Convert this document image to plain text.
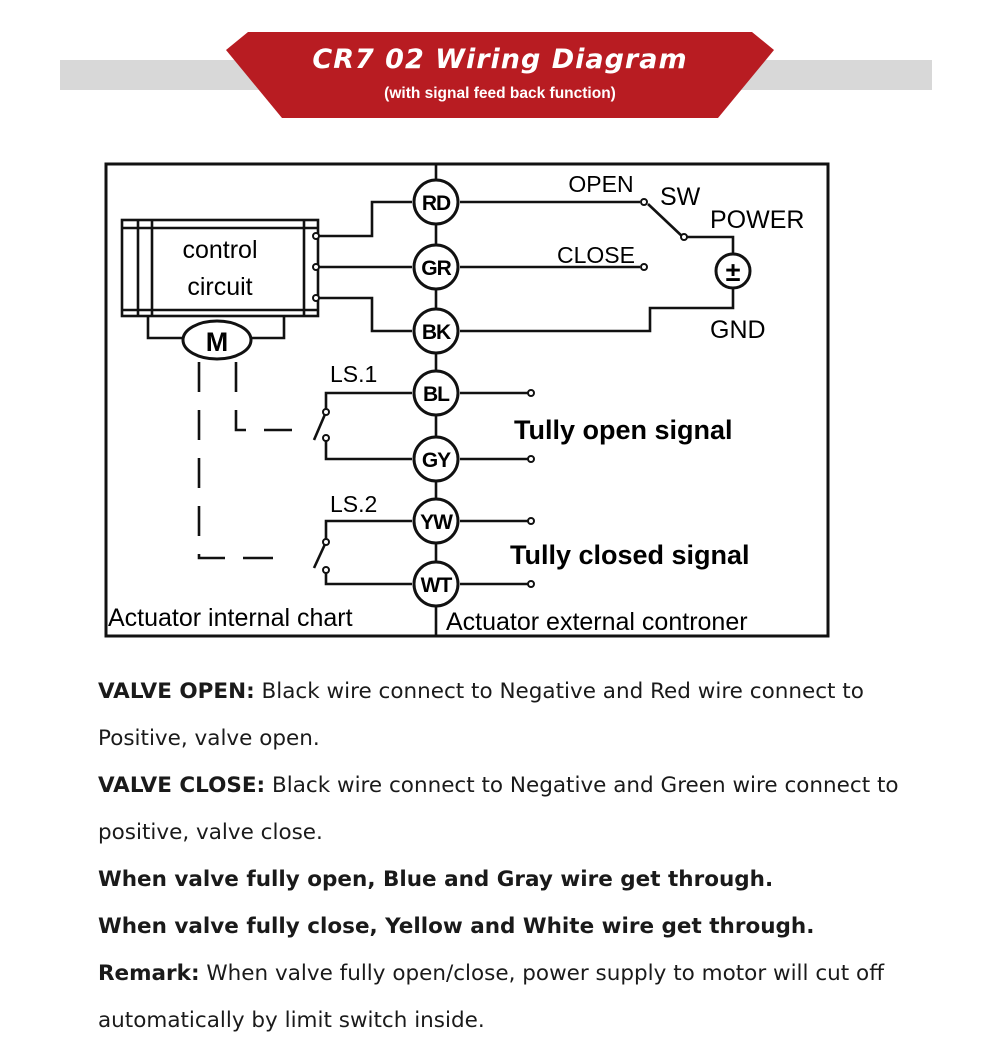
CR7 02 Wiring Diagram
(with signal feed back function)
control
circuit
M
±
OPEN
CLOSE
SW
POWER
GND
LS.1
LS.2
RD
GR
BK
BL
GY
YW
WT
Tully open signal
Tully closed signal
Actuator internal chart	Actuator external controner

VALVE OPEN: Black wire connect to Negative and Red wire connect to Positive, valve open.

VALVE CLOSE: Black wire connect to Negative and Green wire connect to positive, valve close.

When valve fully open, Blue and Gray wire get through.

When valve fully close, Yellow and White wire get through.

Remark: When valve fully open/close, power supply to motor will cut off automatically by limit switch inside.
